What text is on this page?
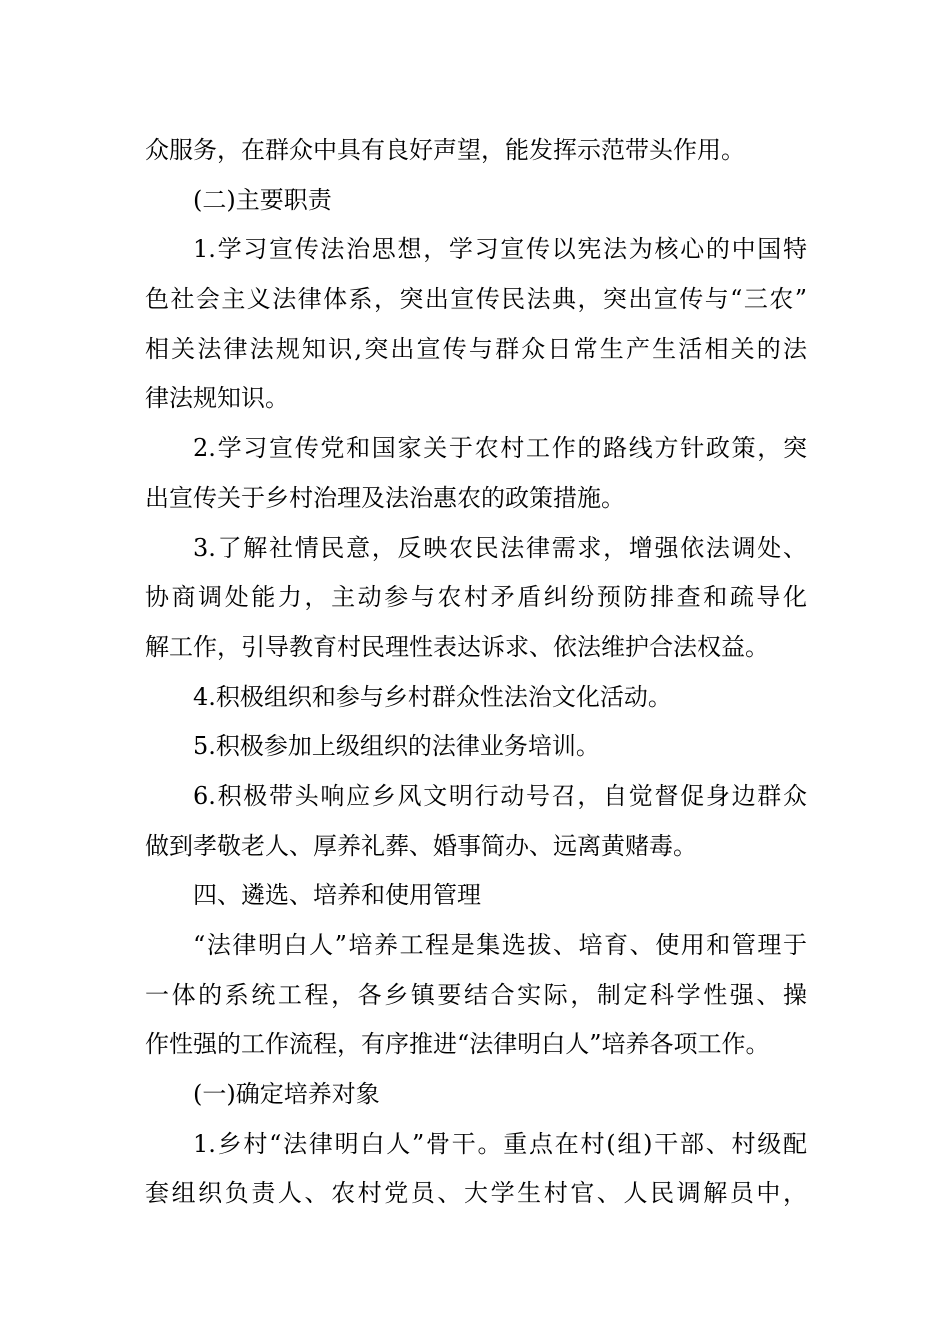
众服务，在群众中具有良好声望，能发挥示范带头作用。
(二)主要职责
1.学习宣传法治思想，学习宣传以宪法为核心的中国特
色社会主义法律体系，突出宣传民法典，突出宣传与“三农”
相关法律法规知识,突出宣传与群众日常生产生活相关的法
律法规知识。
2.学习宣传党和国家关于农村工作的路线方针政策，突
出宣传关于乡村治理及法治惠农的政策措施。
3.了解社情民意，反映农民法律需求，增强依法调处、
协商调处能力，主动参与农村矛盾纠纷预防排查和疏导化
解工作，引导教育村民理性表达诉求、依法维护合法权益。
4.积极组织和参与乡村群众性法治文化活动。
5.积极参加上级组织的法律业务培训。
6.积极带头响应乡风文明行动号召，自觉督促身边群众
做到孝敬老人、厚养礼葬、婚事简办、远离黄赌毒。
四、遴选、培养和使用管理
“法律明白人”培养工程是集选拔、培育、使用和管理于
一体的系统工程，各乡镇要结合实际，制定科学性强、操
作性强的工作流程，有序推进“法律明白人”培养各项工作。
(一)确定培养对象
1.乡村“法律明白人”骨干。重点在村(组)干部、村级配
套组织负责人、农村党员、大学生村官、人民调解员中，
